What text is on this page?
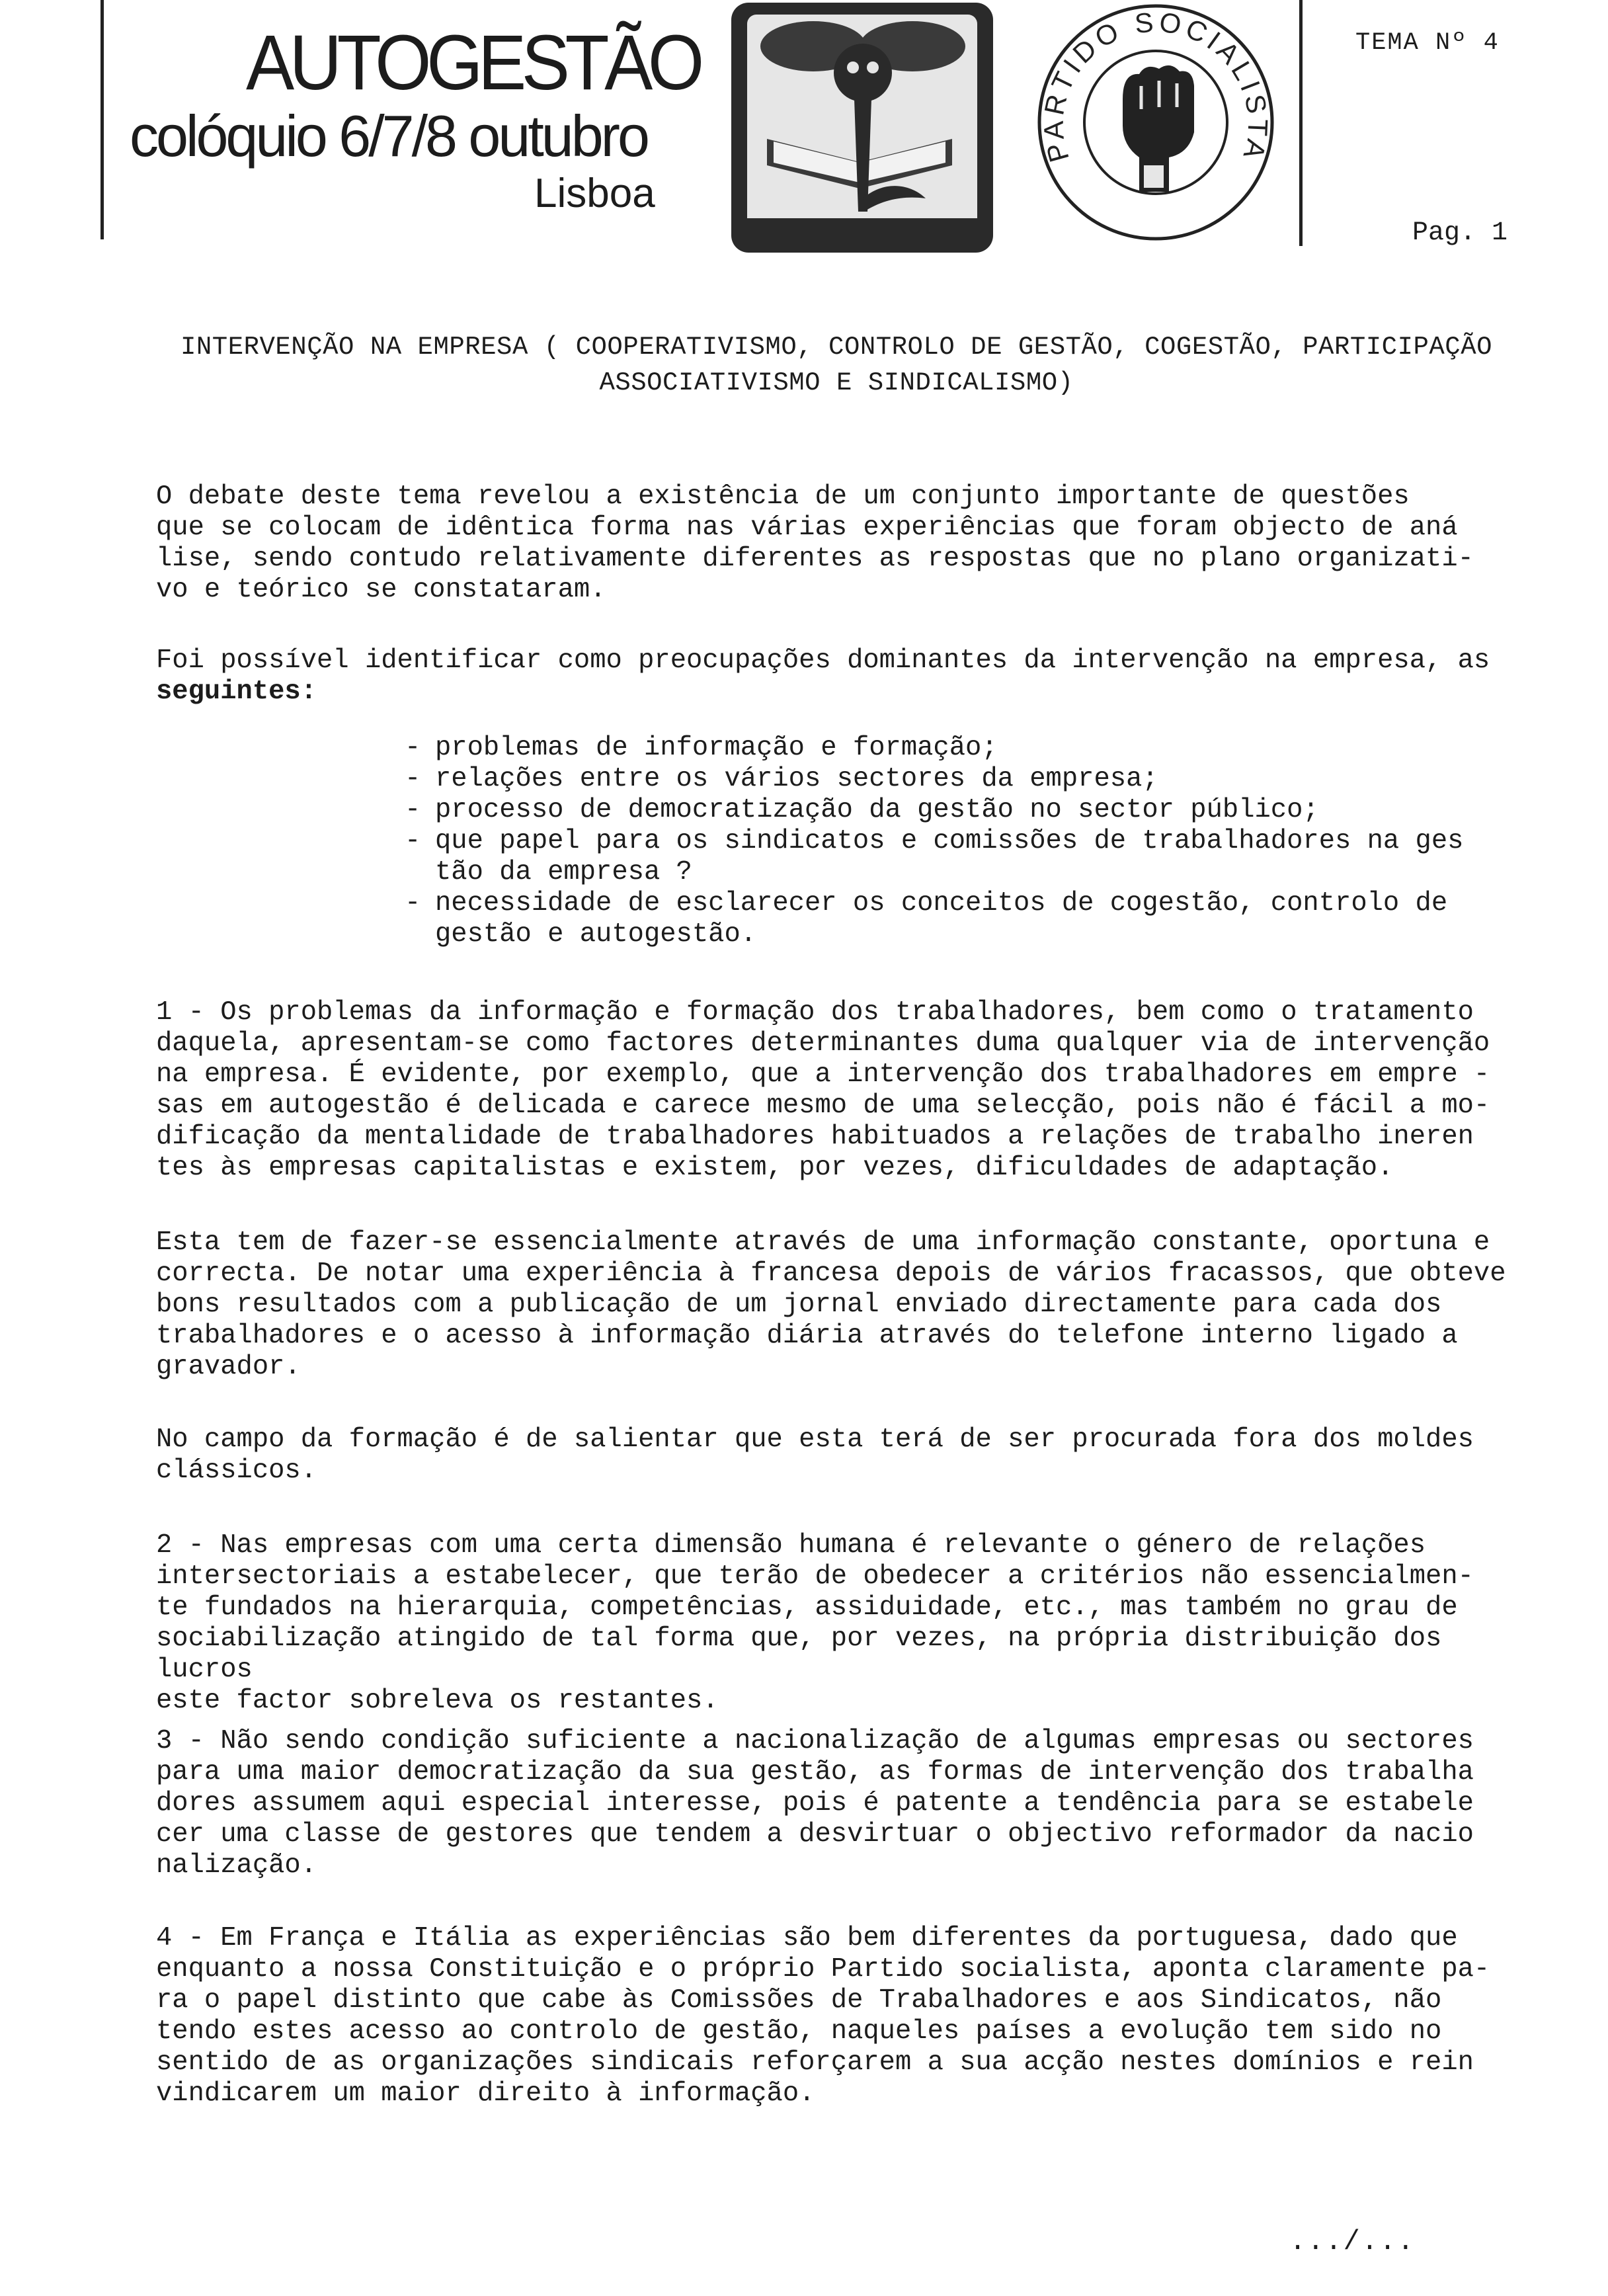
AUTOGESTÃO
colóquio 6/7/8 outubro
Lisboa
PARTIDO SOCIALISTA
TEMA Nº 4
Pag. 1
INTERVENÇÃO NA EMPRESA ( COOPERATIVISMO, CONTROLO DE GESTÃO, COGESTÃO, PARTICIPAÇÃO
ASSOCIATIVISMO E SINDICALISMO)

O debate deste tema revelou a existência de um conjunto importante de questões

que se colocam de idêntica forma nas várias experiências que foram objecto de aná

lise, sendo contudo relativamente diferentes as respostas que no plano organizati-

vo e teórico se constataram.

Foi possível identificar como preocupações dominantes da intervenção na empresa, as

seguintes:

- problemas de informação e formação;
- relações entre os vários sectores da empresa;
- processo de democratização da gestão no sector público;
- que papel para os sindicatos e comissões de trabalhadores na ges
tão da empresa ?
- necessidade de esclarecer os conceitos de cogestão, controlo de
gestão e autogestão.

1 - Os problemas da informação e formação dos trabalhadores, bem como o tratamento

daquela, apresentam-se como factores determinantes duma qualquer via de intervenção

na empresa. É evidente, por exemplo, que a intervenção dos trabalhadores em empre -

sas em autogestão é delicada e carece mesmo de uma selecção, pois não é fácil a mo-

dificação da mentalidade de trabalhadores habituados a relações de trabalho ineren

tes às empresas capitalistas e existem, por vezes, dificuldades de adaptação.

Esta tem de fazer-se essencialmente através de uma informação constante, oportuna e

correcta. De notar uma experiência à francesa depois de vários fracassos, que obteve

bons resultados com a publicação de um jornal enviado directamente para cada dos

trabalhadores e o acesso à informação diária através do telefone interno ligado a

gravador.

No campo da formação é de salientar que esta terá de ser procurada fora dos moldes

clássicos.

2 - Nas empresas com uma certa dimensão humana é relevante o género de relações

intersectoriais a estabelecer, que terão de obedecer a critérios não essencialmen-

te fundados na hierarquia, competências, assiduidade, etc., mas também no grau de

sociabilização atingido de tal forma que, por vezes, na própria distribuição dos lucros

este factor sobreleva os restantes.

3 - Não sendo condição suficiente a nacionalização de algumas empresas ou sectores

para uma maior democratização da sua gestão, as formas de intervenção dos trabalha

dores assumem aqui especial interesse, pois é patente a tendência para se estabele

cer uma classe de gestores que tendem a desvirtuar o objectivo reformador da nacio

nalização.

4 - Em França e Itália as experiências são bem diferentes da portuguesa, dado que

enquanto a nossa Constituição e o próprio Partido socialista, aponta claramente pa-

ra o papel distinto que cabe às Comissões de Trabalhadores e aos Sindicatos, não

tendo estes acesso ao controlo de gestão, naqueles países a evolução tem sido no

sentido de as organizações sindicais reforçarem a sua acção nestes domínios e rein

vindicarem um maior direito à informação.

.../...
